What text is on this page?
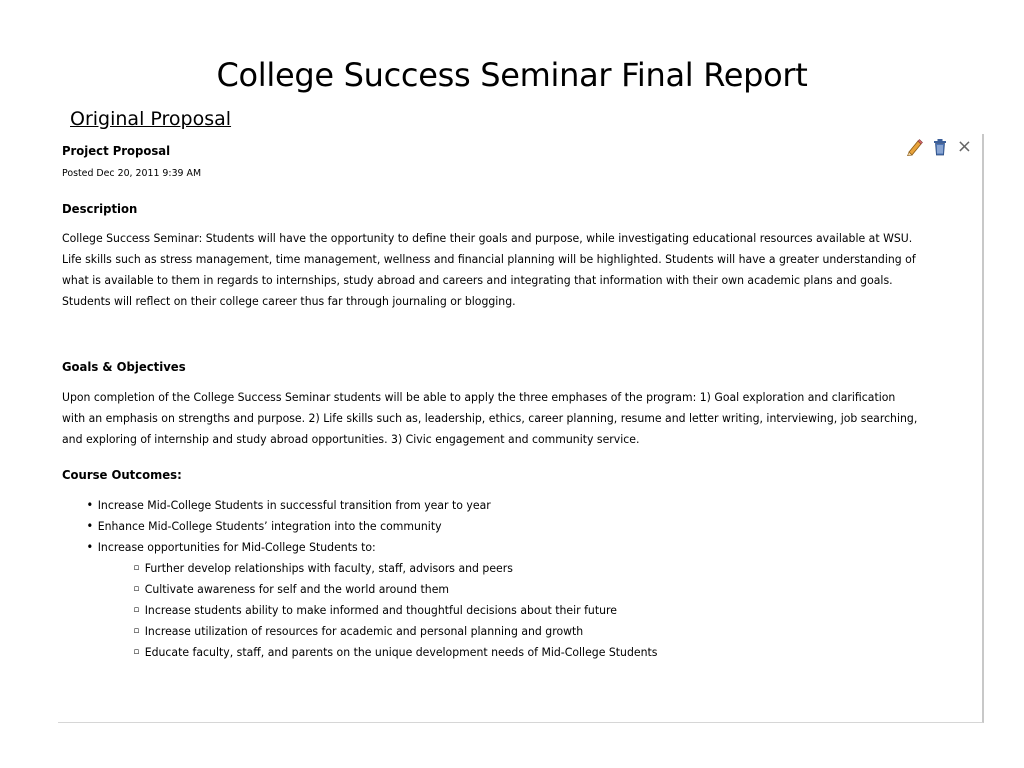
College Success Seminar Final Report
Original Proposal
×
Project Proposal
Posted Dec 20, 2011 9:39 AM
Description

College Success Seminar: Students will have the opportunity to define their goals and purpose, while investigating educational resources available at WSU. Life skills such as stress management, time management, wellness and financial planning will be highlighted. Students will have a greater understanding of what is available to them in regards to internships, study abroad and careers and integrating that information with their own academic plans and goals. Students will reflect on their college career thus far through journaling or blogging.

Goals & Objectives

Upon completion of the College Success Seminar students will be able to apply the three emphases of the program: 1) Goal exploration and clarification with an emphasis on strengths and purpose. 2) Life skills such as, leadership, ethics, career planning, resume and letter writing, interviewing, job searching, and exploring of internship and study abroad opportunities. 3) Civic engagement and community service.

Course Outcomes:
• Increase Mid-College Students in successful transition from year to year
• Enhance Mid-College Students’ integration into the community
• Increase opportunities for Mid-College Students to:
▫ Further develop relationships with faculty, staff, advisors and peers
▫ Cultivate awareness for self and the world around them
▫ Increase students ability to make informed and thoughtful decisions about their future
▫ Increase utilization of resources for academic and personal planning and growth
▫ Educate faculty, staff, and parents on the unique development needs of Mid-College Students
